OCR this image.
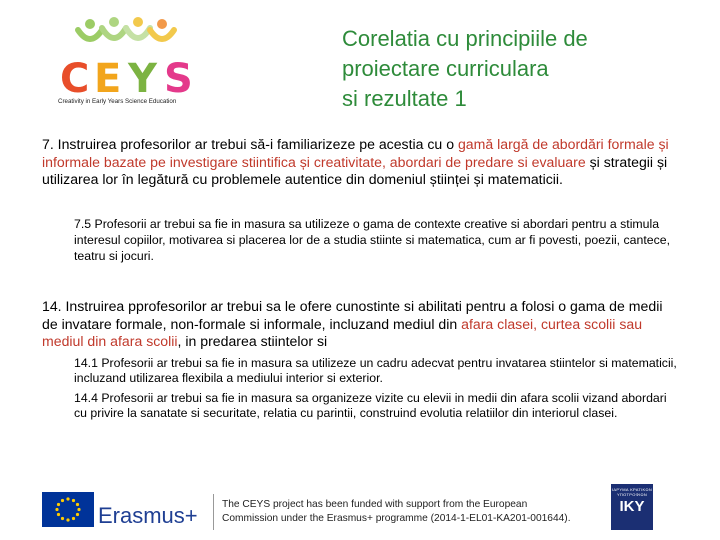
C E Y S
Creativity in Early Years Science Education
Corelatia cu principiile de
proiectare curriculara
si rezultate 1

7. Instruirea profesorilor ar trebui să-i familiarizeze pe acestia cu o gamă largă de abordări formale și informale bazate pe investigare stiintifica și creativitate, abordari de predare si evaluare și strategii și utilizarea lor în legătură cu problemele autentice din domeniul științei și matematicii.

7.5 Profesorii ar trebui sa fie in masura sa utilizeze o gama de contexte creative si abordari pentru a stimula interesul copiilor, motivarea si placerea lor de a studia stiinte si matematica, cum ar fi povesti, poezii, cantece, teatru si jocuri.

14. Instruirea pprofesorilor ar trebui sa le ofere cunostinte si abilitati pentru a folosi o gama de medii de invatare formale, non-formale si informale, incluzand mediul din afara clasei, curtea scolii sau mediul din afara scolii, in predarea stiintelor si

14.1 Profesorii ar trebui sa fie in masura sa utilizeze un cadru adecvat pentru invatarea stiintelor si matematicii, incluzand utilizarea flexibila a mediului interior si exterior.

14.4 Profesorii ar trebui sa fie in masura sa organizeze vizite cu elevii in medii din afara scolii vizand abordari cu privire la sanatate si securitate, relatia cu parintii, construind evolutia relatiilor din interiorul clasei.

Erasmus+ The CEYS project has been funded with support from the European
Commission under the Erasmus+ programme (2014-1-EL01-KA201-001644).
ΙΔΡΥΜΑ ΚΡΑΤΙΚΩΝ ΥΠΟΤΡΟΦΙΩΝ
IKY
